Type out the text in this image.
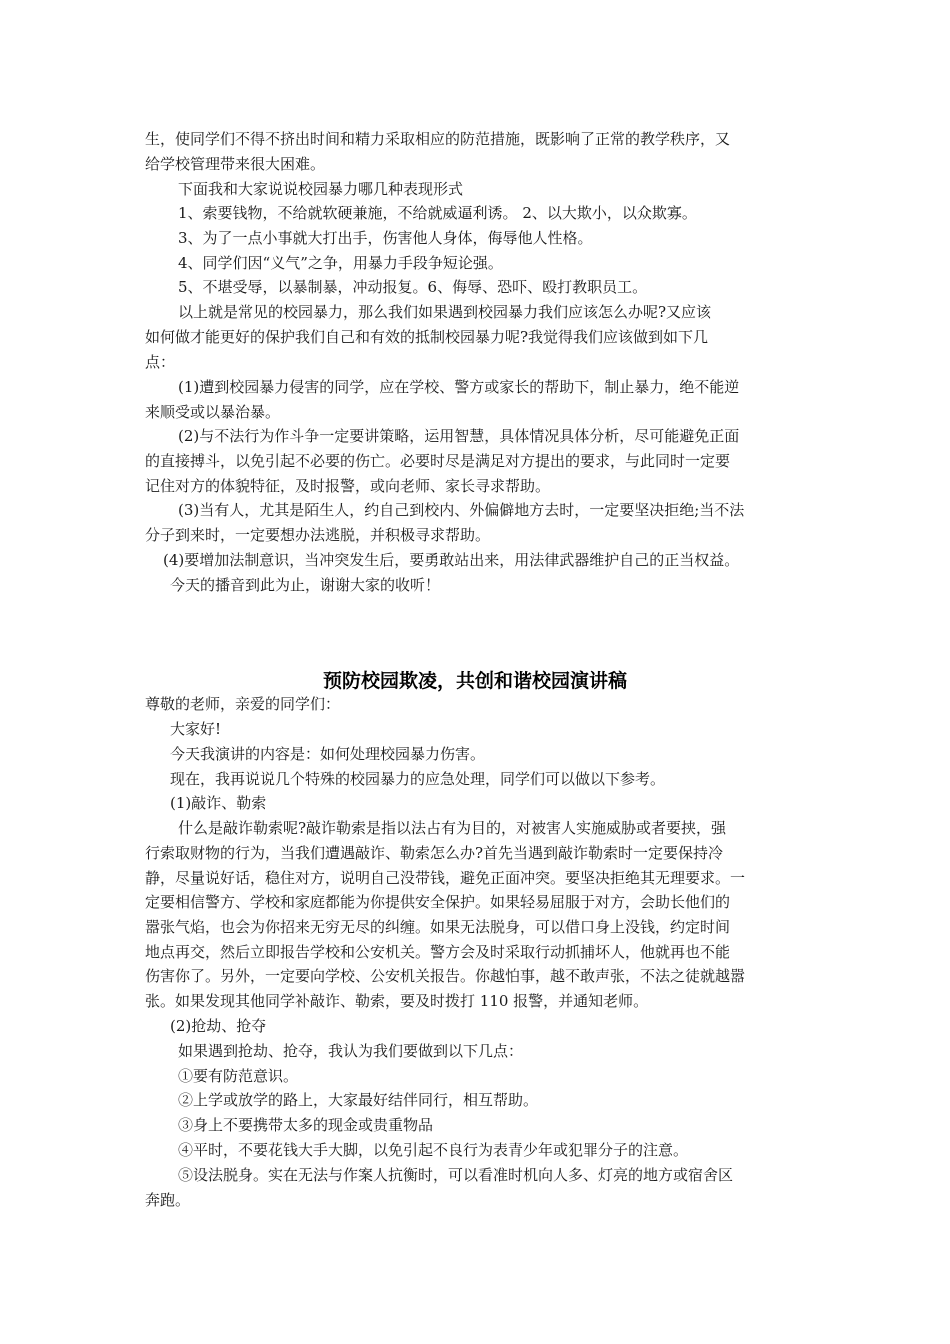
生，使同学们不得不挤出时间和精力采取相应的防范措施，既影响了正常的教学秩序，又
给学校管理带来很大困难。
下面我和大家说说校园暴力哪几种表现形式
1、索要钱物，不给就软硬兼施，不给就威逼利诱。 2、以大欺小，以众欺寡。
3、为了一点小事就大打出手，伤害他人身体，侮辱他人性格。
4、同学们因“义气”之争，用暴力手段争短论强。
5、不堪受辱，以暴制暴，冲动报复。6、侮辱、恐吓、殴打教职员工。
以上就是常见的校园暴力，那么我们如果遇到校园暴力我们应该怎么办呢?又应该
如何做才能更好的保护我们自己和有效的抵制校园暴力呢?我觉得我们应该做到如下几
点：
(1)遭到校园暴力侵害的同学，应在学校、警方或家长的帮助下，制止暴力，绝不能逆
来顺受或以暴治暴。
(2)与不法行为作斗争一定要讲策略，运用智慧，具体情况具体分析，尽可能避免正面
的直接搏斗，以免引起不必要的伤亡。必要时尽是满足对方提出的要求，与此同时一定要
记住对方的体貌特征，及时报警，或向老师、家长寻求帮助。
(3)当有人，尤其是陌生人，约自己到校内、外偏僻地方去时，一定要坚决拒绝;当不法
分子到来时，一定要想办法逃脱，并积极寻求帮助。
(4)要增加法制意识，当冲突发生后，要勇敢站出来，用法律武器维护自己的正当权益。
今天的播音到此为止，谢谢大家的收听！
预防校园欺凌，共创和谐校园演讲稿
尊敬的老师，亲爱的同学们：
大家好!
今天我演讲的内容是：如何处理校园暴力伤害。
现在，我再说说几个特殊的校园暴力的应急处理，同学们可以做以下参考。
(1)敲诈、勒索
什么是敲诈勒索呢?敲诈勒索是指以法占有为目的，对被害人实施威胁或者要挟，强
行索取财物的行为，当我们遭遇敲诈、勒索怎么办?首先当遇到敲诈勒索时一定要保持冷
静，尽量说好话，稳住对方，说明自己没带钱，避免正面冲突。要坚决拒绝其无理要求。一
定要相信警方、学校和家庭都能为你提供安全保护。如果轻易屈服于对方，会助长他们的
嚣张气焰，也会为你招来无穷无尽的纠缠。如果无法脱身，可以借口身上没钱，约定时间
地点再交，然后立即报告学校和公安机关。警方会及时采取行动抓捕坏人，他就再也不能
伤害你了。另外，一定要向学校、公安机关报告。你越怕事，越不敢声张，不法之徒就越嚣
张。如果发现其他同学补敲诈、勒索，要及时拨打 110 报警，并通知老师。
(2)抢劫、抢夺
如果遇到抢劫、抢夺，我认为我们要做到以下几点：
①要有防范意识。
②上学或放学的路上，大家最好结伴同行，相互帮助。
③身上不要携带太多的现金或贵重物品
④平时，不要花钱大手大脚，以免引起不良行为表青少年或犯罪分子的注意。
⑤设法脱身。实在无法与作案人抗衡时，可以看准时机向人多、灯亮的地方或宿舍区
奔跑。
